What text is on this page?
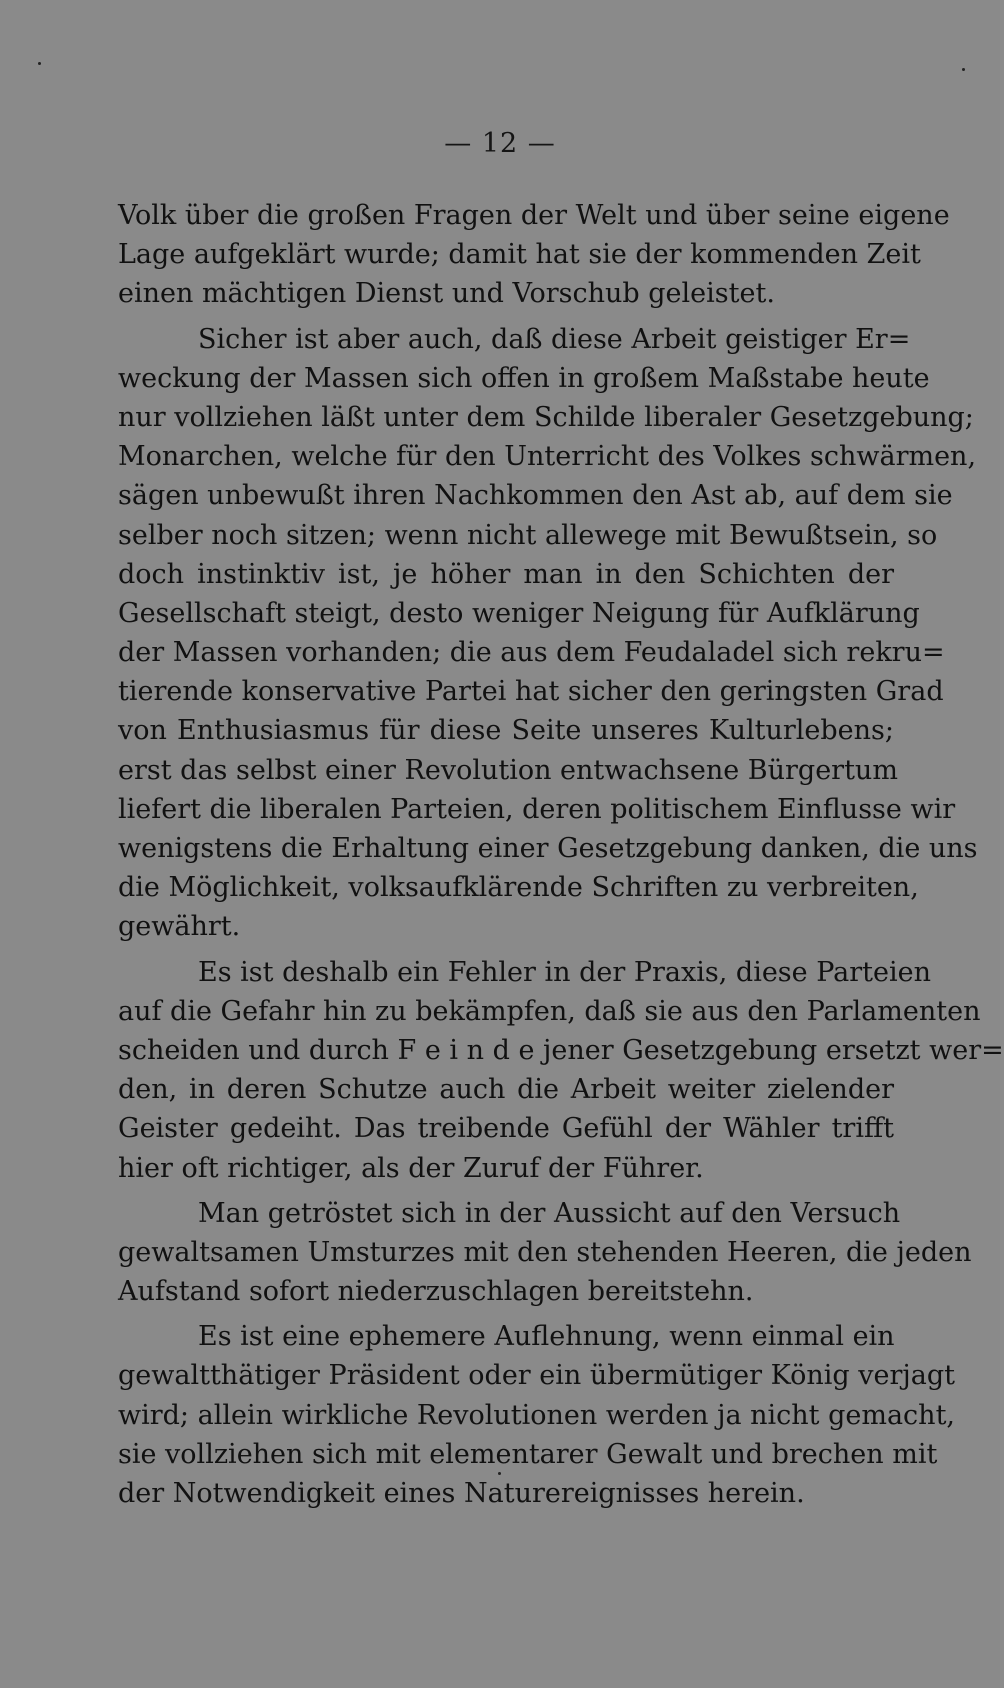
— 12 —
Volk über die großen Fragen der Welt und über seine eigene
Lage aufgeklärt wurde; damit hat sie der kommenden Zeit
einen mächtigen Dienst und Vorschub geleistet.
Sicher ist aber auch, daß diese Arbeit geistiger Er=
weckung der Massen sich offen in großem Maßstabe heute
nur vollziehen läßt unter dem Schilde liberaler Gesetzgebung;
Monarchen, welche für den Unterricht des Volkes schwärmen,
sägen unbewußt ihren Nachkommen den Ast ab, auf dem sie
selber noch sitzen; wenn nicht allewege mit Bewußtsein, so
doch instinktiv ist, je höher man in den Schichten der
Gesellschaft steigt, desto weniger Neigung für Aufklärung
der Massen vorhanden; die aus dem Feudaladel sich rekru=
tierende konservative Partei hat sicher den geringsten Grad
von Enthusiasmus für diese Seite unseres Kulturlebens;
erst das selbst einer Revolution entwachsene Bürgertum
liefert die liberalen Parteien, deren politischem Einflusse wir
wenigstens die Erhaltung einer Gesetzgebung danken, die uns
die Möglichkeit, volksaufklärende Schriften zu verbreiten,
gewährt.
Es ist deshalb ein Fehler in der Praxis, diese Parteien
auf die Gefahr hin zu bekämpfen, daß sie aus den Parlamenten
scheiden und durch F e i n d e jener Gesetzgebung ersetzt wer=
den, in deren Schutze auch die Arbeit weiter zielender
Geister gedeiht. Das treibende Gefühl der Wähler trifft
hier oft richtiger, als der Zuruf der Führer.
Man getröstet sich in der Aussicht auf den Versuch
gewaltsamen Umsturzes mit den stehenden Heeren, die jeden
Aufstand sofort niederzuschlagen bereitstehn.
Es ist eine ephemere Auflehnung, wenn einmal ein
gewaltthätiger Präsident oder ein übermütiger König verjagt
wird; allein wirkliche Revolutionen werden ja nicht gemacht,
sie vollziehen sich mit elementarer Gewalt und brechen mit
der Notwendigkeit eines Naturereignisses herein.
